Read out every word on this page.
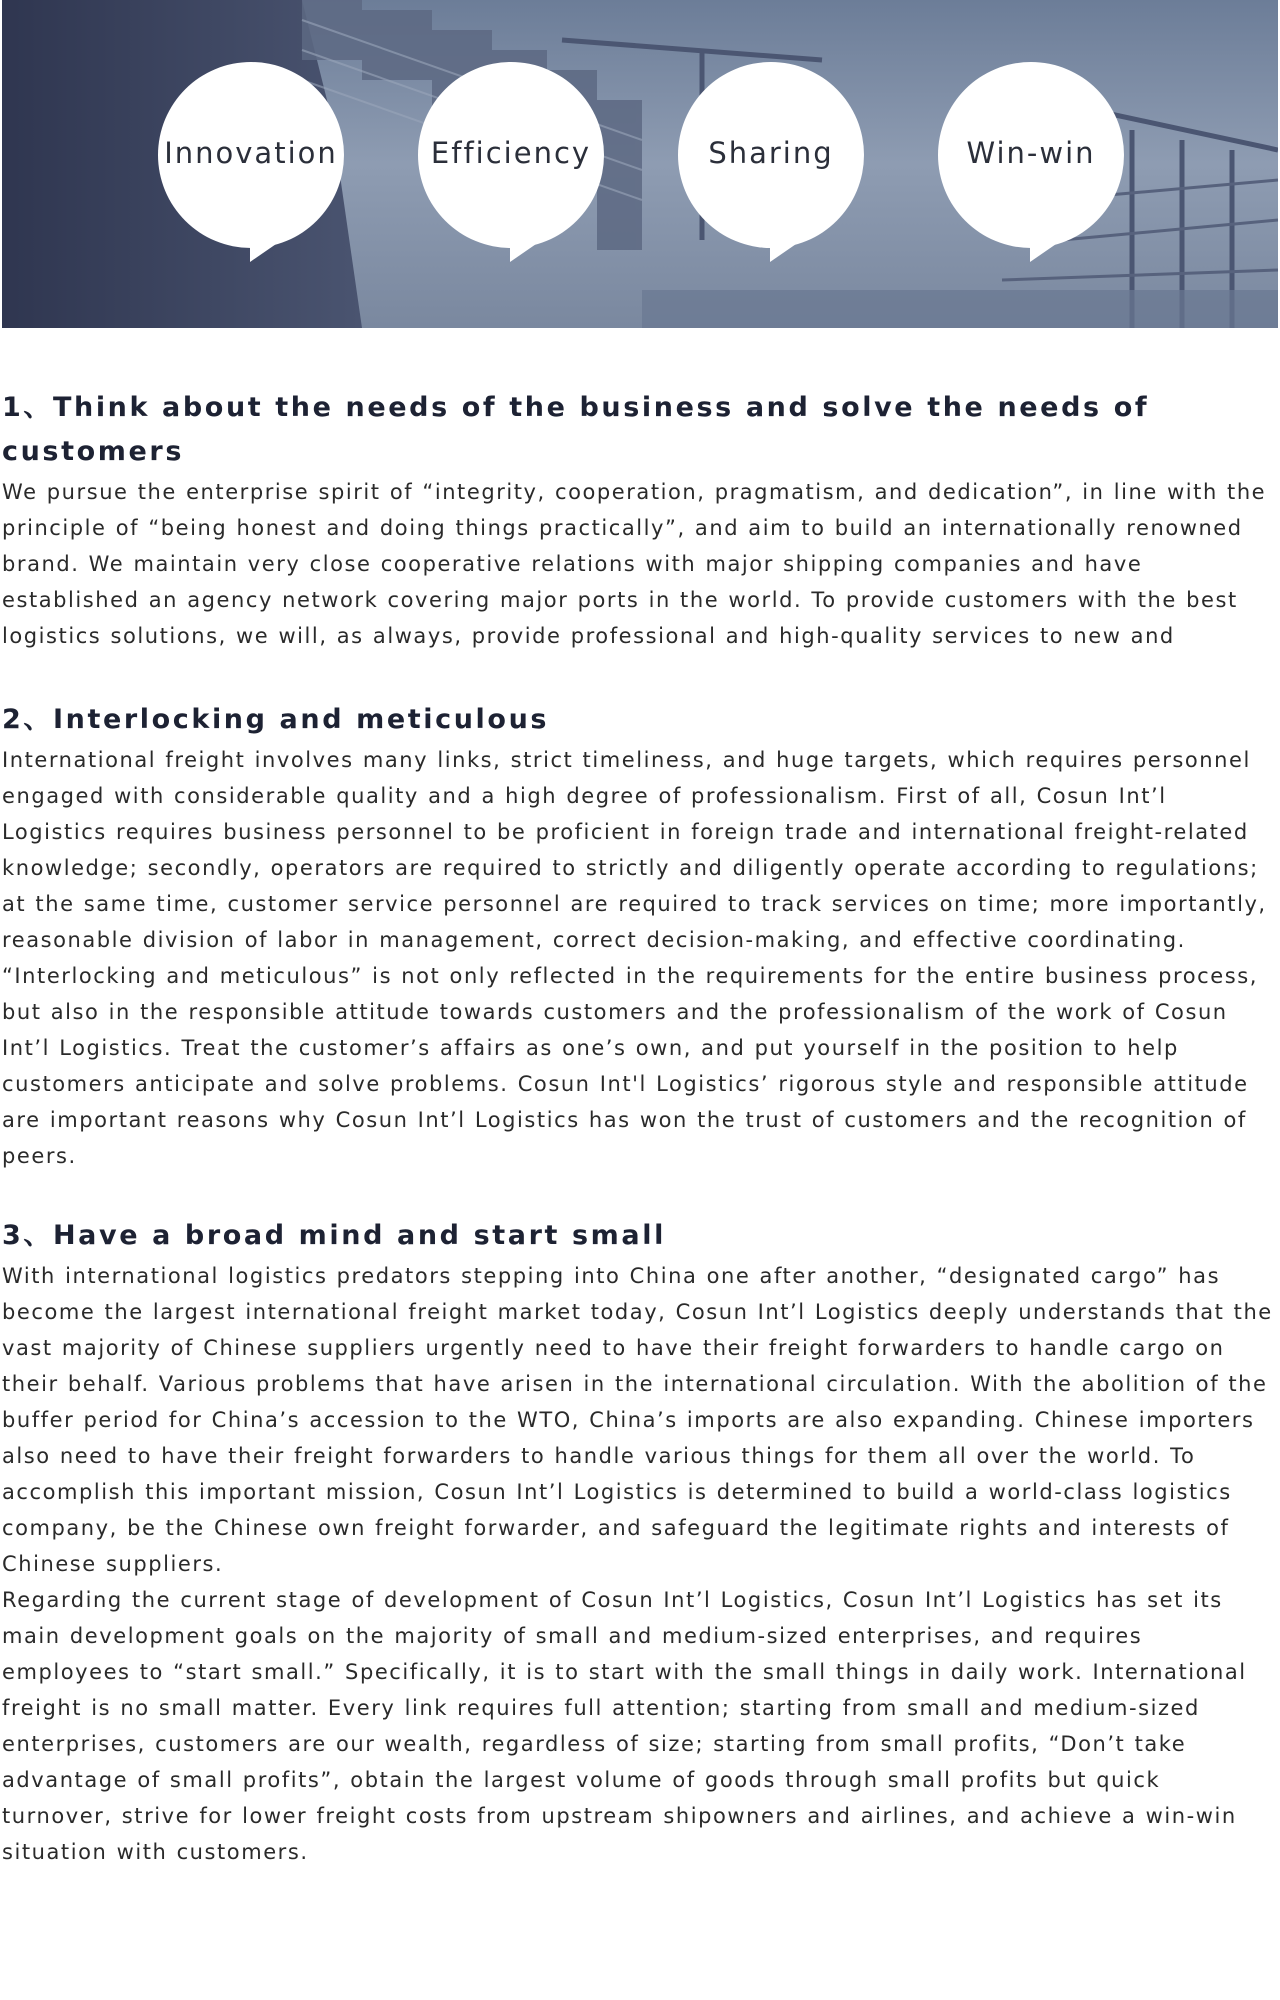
Innovation	Efficiency	Sharing	Win-win
1、Think about the needs of the business and solve the needs of customers

We pursue the enterprise spirit of “integrity, cooperation, pragmatism, and dedication”, in line with the principle of “being honest and doing things practically”, and aim to build an internationally renowned brand. We maintain very close cooperative relations with major shipping companies and have established an agency network covering major ports in the world. To provide customers with the best logistics solutions, we will, as always, provide professional and high-quality services to new and

2、Interlocking and meticulous

International freight involves many links, strict timeliness, and huge targets, which requires personnel engaged with considerable quality and a high degree of professionalism. First of all, Cosun Int’l Logistics requires business personnel to be proficient in foreign trade and international freight-related knowledge; secondly, operators are required to strictly and diligently operate according to regulations; at the same time, customer service personnel are required to track services on time; more importantly, reasonable division of labor in management, correct decision-making, and effective coordinating. “Interlocking and meticulous” is not only reflected in the requirements for the entire business process, but also in the responsible attitude towards customers and the professionalism of the work of Cosun Int’l Logistics. Treat the customer’s affairs as one’s own, and put yourself in the position to help customers anticipate and solve problems. Cosun Int'l Logistics’ rigorous style and responsible attitude are important reasons why Cosun Int’l Logistics has won the trust of customers and the recognition of peers.

3、Have a broad mind and start small

With international logistics predators stepping into China one after another, “designated cargo” has become the largest international freight market today, Cosun Int’l Logistics deeply understands that the vast majority of Chinese suppliers urgently need to have their freight forwarders to handle cargo on their behalf. Various problems that have arisen in the international circulation. With the abolition of the buffer period for China’s accession to the WTO, China’s imports are also expanding. Chinese importers also need to have their freight forwarders to handle various things for them all over the world. To accomplish this important mission, Cosun Int’l Logistics is determined to build a world-class logistics company, be the Chinese own freight forwarder, and safeguard the legitimate rights and interests of Chinese suppliers.

Regarding the current stage of development of Cosun Int’l Logistics, Cosun Int’l Logistics has set its main development goals on the majority of small and medium-sized enterprises, and requires employees to “start small.” Specifically, it is to start with the small things in daily work. International freight is no small matter. Every link requires full attention; starting from small and medium-sized enterprises, customers are our wealth, regardless of size; starting from small profits, “Don’t take advantage of small profits”, obtain the largest volume of goods through small profits but quick turnover, strive for lower freight costs from upstream shipowners and airlines, and achieve a win-win situation with customers.
